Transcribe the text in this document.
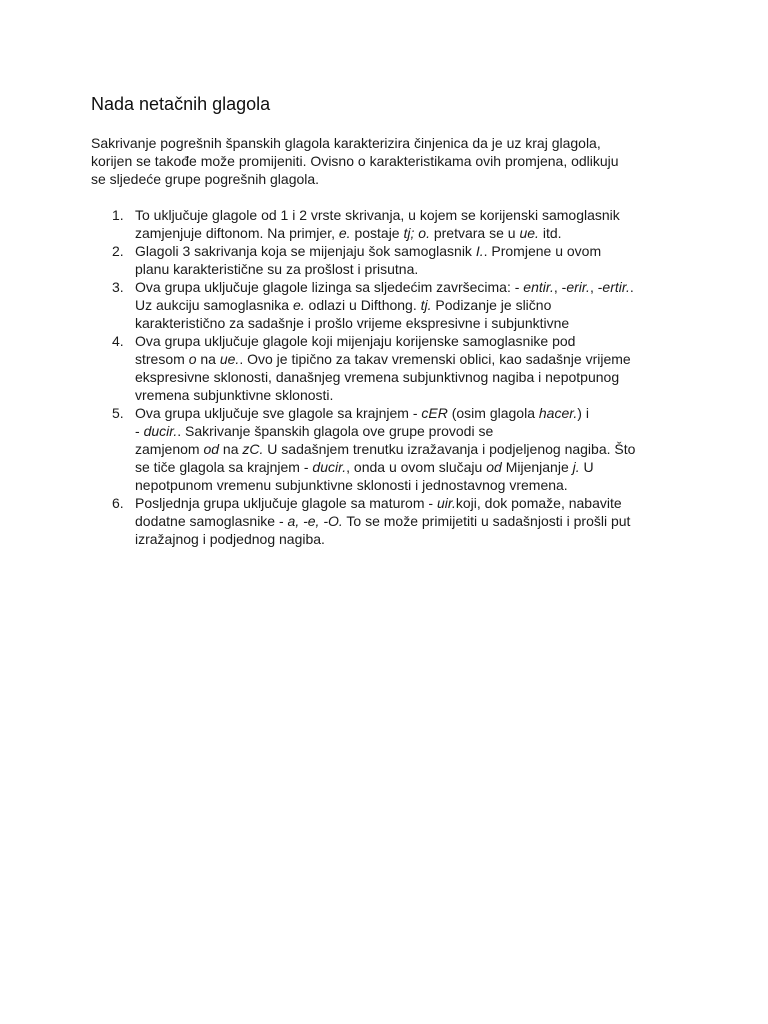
Nada netačnih glagola

Sakrivanje pogrešnih španskih glagola karakterizira činjenica da je uz kraj glagola,
korijen se takođe može promijeniti. Ovisno o karakteristikama ovih promjena, odlikuju
se sljedeće grupe pogrešnih glagola.

1. To uključuje glagole od 1 i 2 vrste skrivanja, u kojem se korijenski samoglasnik
zamjenjuje diftonom. Na primjer, e. postaje tj; o. pretvara se u ue. itd.
2. Glagoli 3 sakrivanja koja se mijenjaju šok samoglasnik I.. Promjene u ovom
planu karakteristične su za prošlost i prisutna.
3. Ova grupa uključuje glagole lizinga sa sljedećim završecima: - entir., -erir., -ertir..
Uz aukciju samoglasnika e. odlazi u Difthong. tj. Podizanje je slično
karakteristično za sadašnje i prošlo vrijeme ekspresivne i subjunktivne
4. Ova grupa uključuje glagole koji mijenjaju korijenske samoglasnike pod
stresom o na ue.. Ovo je tipično za takav vremenski oblici, kao sadašnje vrijeme
ekspresivne sklonosti, današnjeg vremena subjunktivnog nagiba i nepotpunog
vremena subjunktivne sklonosti.
5. Ova grupa uključuje sve glagole sa krajnjem - cER (osim glagola hacer.) i
- ducir.. Sakrivanje španskih glagola ove grupe provodi se
zamjenom od na zC. U sadašnjem trenutku izražavanja i podjeljenog nagiba. Što
se tiče glagola sa krajnjem - ducir., onda u ovom slučaju od Mijenjanje j. U
nepotpunom vremenu subjunktivne sklonosti i jednostavnog vremena.
6. Posljednja grupa uključuje glagole sa maturom - uir.koji, dok pomaže, nabavite
dodatne samoglasnike - a, -e, -O. To se može primijetiti u sadašnjosti i prošli put
izražajnog i podjednog nagiba.
